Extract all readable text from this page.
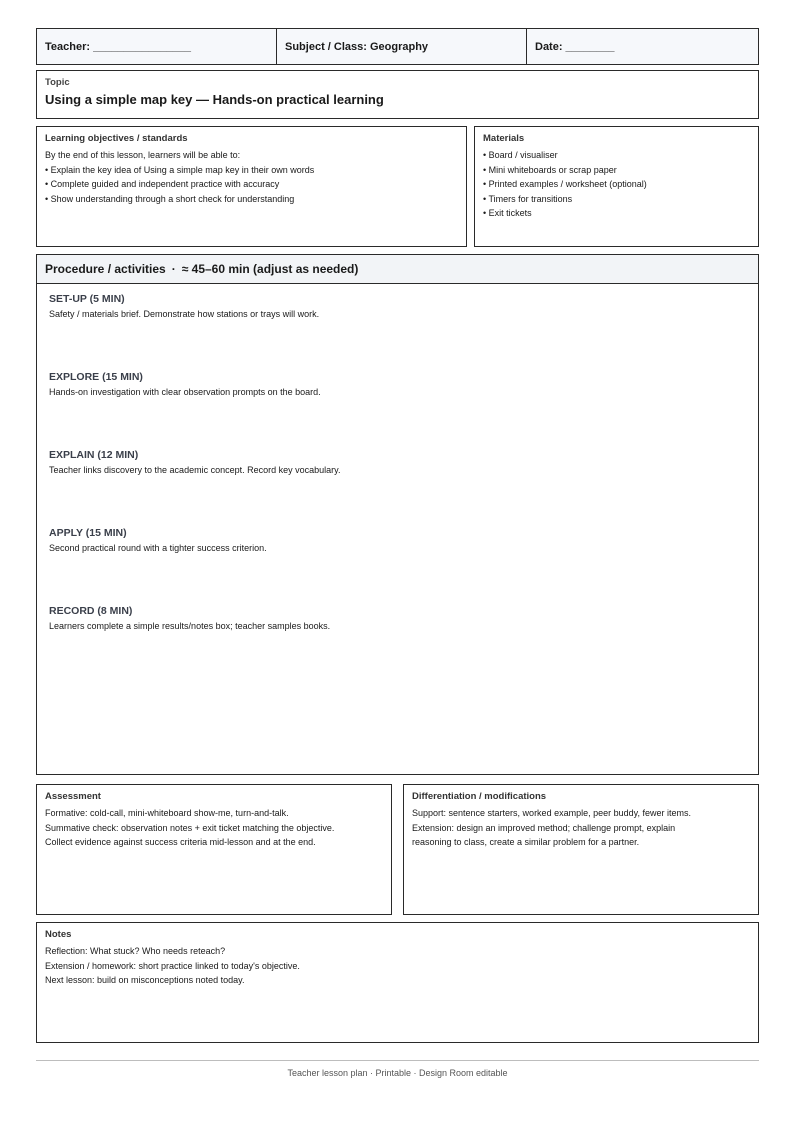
Teacher: ________________	Subject / Class: Geography	Date: ________
Topic
Using a simple map key — Hands-on practical learning
Learning objectives / standards
By the end of this lesson, learners will be able to:
• Explain the key idea of Using a simple map key in their own words
• Complete guided and independent practice with accuracy
• Show understanding through a short check for understanding
Materials
• Board / visualiser
• Mini whiteboards or scrap paper
• Printed examples / worksheet (optional)
• Timers for transitions
• Exit tickets
Procedure / activities · ≈ 45–60 min (adjust as needed)
SET-UP (5 MIN)
Safety / materials brief. Demonstrate how stations or trays will work.
EXPLORE (15 MIN)
Hands-on investigation with clear observation prompts on the board.
EXPLAIN (12 MIN)
Teacher links discovery to the academic concept. Record key vocabulary.
APPLY (15 MIN)
Second practical round with a tighter success criterion.
RECORD (8 MIN)
Learners complete a simple results/notes box; teacher samples books.
Assessment
Formative: cold-call, mini-whiteboard show-me, turn-and-talk.
Summative check: observation notes + exit ticket matching the objective.
Collect evidence against success criteria mid-lesson and at the end.
Differentiation / modifications
Support: sentence starters, worked example, peer buddy, fewer items.
Extension: design an improved method; challenge prompt, explain
reasoning to class, create a similar problem for a partner.
Notes
Reflection: What stuck? Who needs reteach?
Extension / homework: short practice linked to today's objective.
Next lesson: build on misconceptions noted today.
Teacher lesson plan · Printable · Design Room editable
